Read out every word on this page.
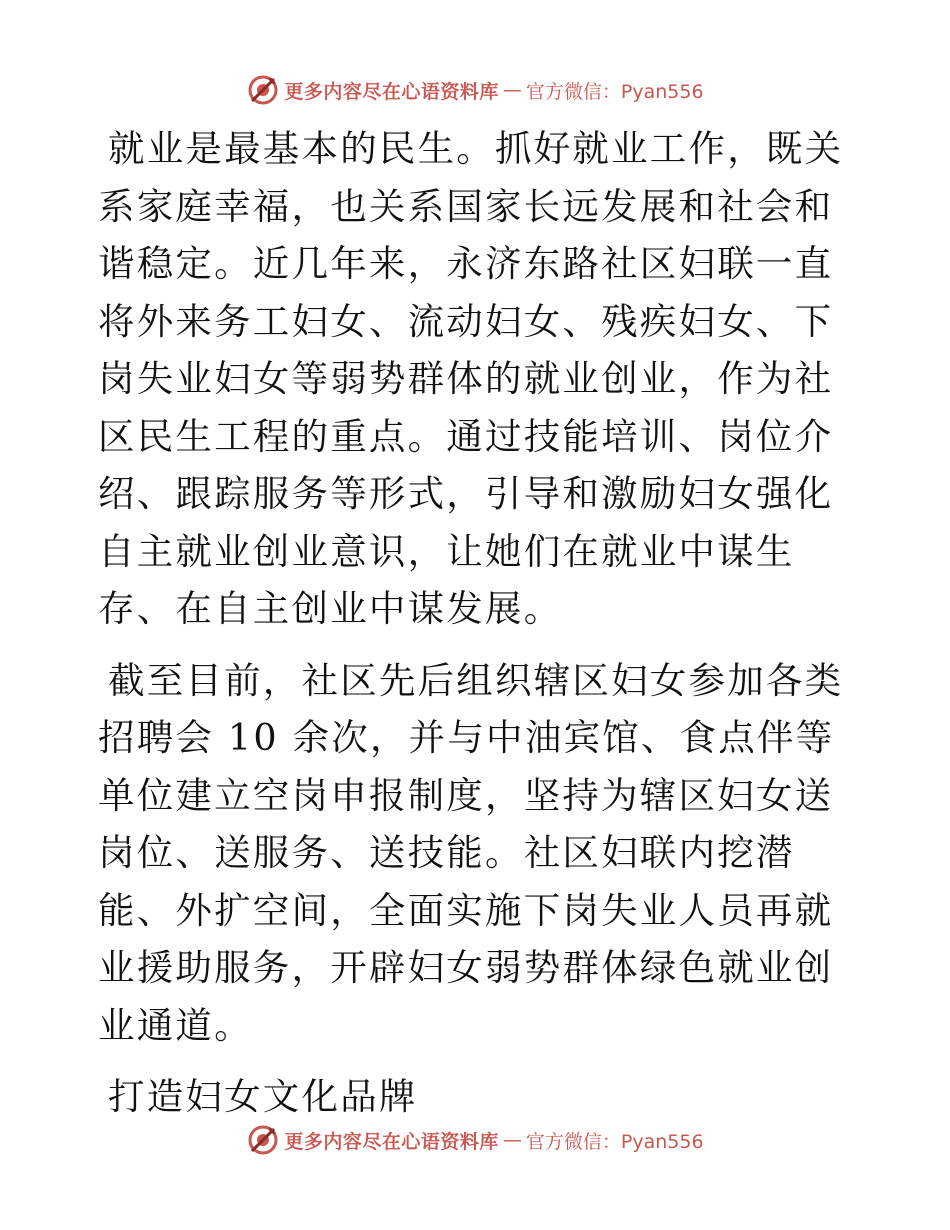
更多内容尽在心语资料库 — 官方微信：Pyan556

就业是最基本的民生。抓好就业工作，既关系家庭幸福，也关系国家长远发展和社会和谐稳定。近几年来，永济东路社区妇联一直将外来务工妇女、流动妇女、残疾妇女、下岗失业妇女等弱势群体的就业创业，作为社区民生工程的重点。通过技能培训、岗位介绍、跟踪服务等形式，引导和激励妇女强化自主就业创业意识，让她们在就业中谋生存、在自主创业中谋发展。

截至目前，社区先后组织辖区妇女参加各类招聘会 10 余次，并与中油宾馆、食点伴等单位建立空岗申报制度，坚持为辖区妇女送岗位、送服务、送技能。社区妇联内挖潜能、外扩空间，全面实施下岗失业人员再就业援助服务，开辟妇女弱势群体绿色就业创业通道。

打造妇女文化品牌
更多内容尽在心语资料库 — 官方微信：Pyan556
